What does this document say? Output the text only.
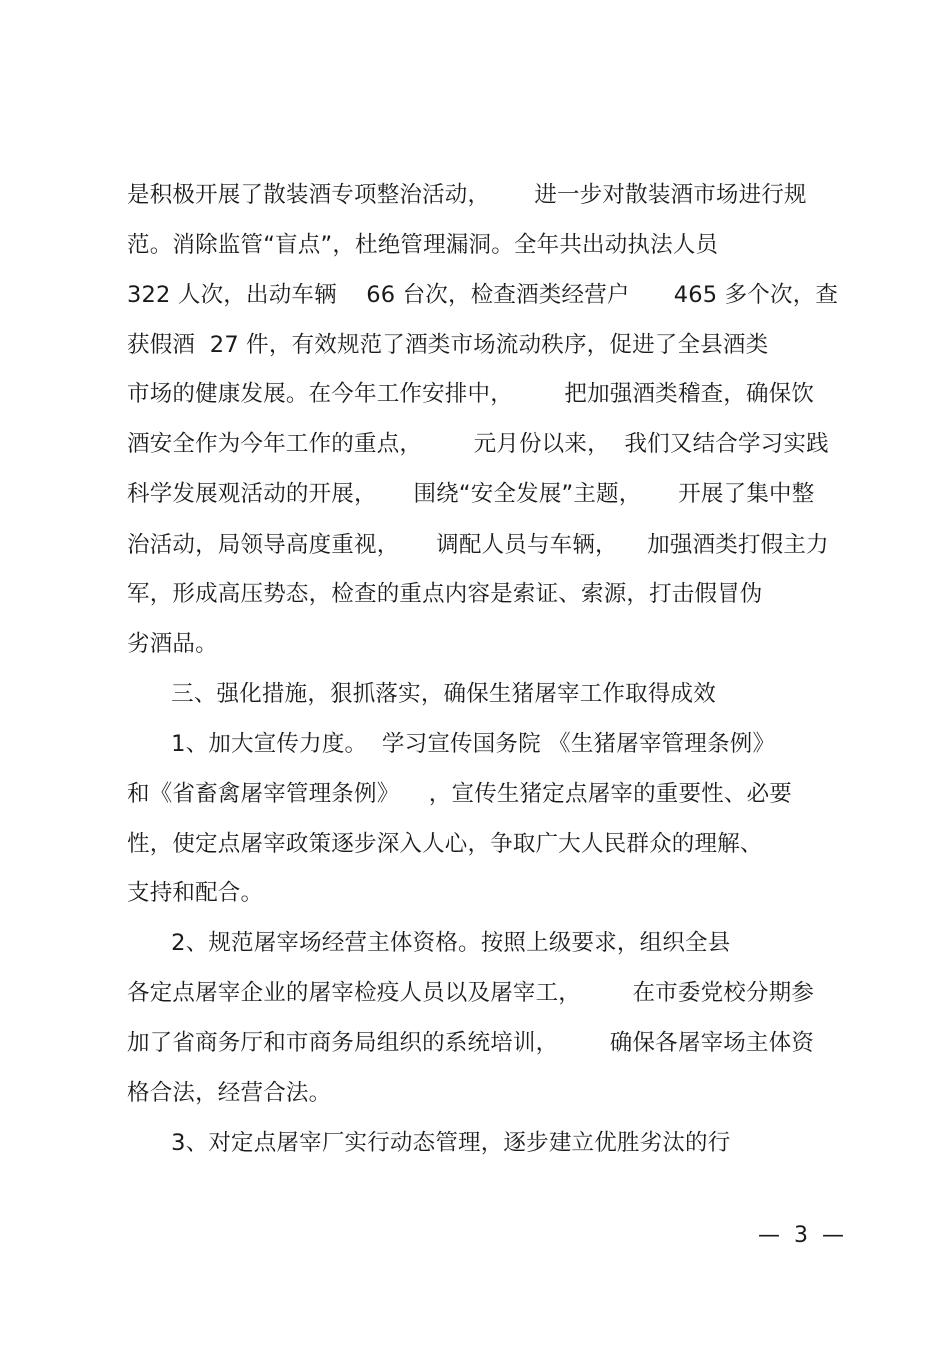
是积极开展了散装酒专项整治活动，      进一步对散装酒市场进行规

范。消除监管“盲点”，杜绝管理漏洞。全年共出动执法人员

322 人次，出动车辆    66 台次，检查酒类经营户      465 多个次，查

获假酒  27 件，有效规范了酒类市场流动秩序，促进了全县酒类

市场的健康发展。在今年工作安排中，       把加强酒类稽查，确保饮

酒安全作为今年工作的重点，       元月份以来，  我们又结合学习实践

科学发展观活动的开展，     围绕“安全发展”主题，     开展了集中整

治活动，局领导高度重视，     调配人员与车辆，    加强酒类打假主力

军，形成高压势态，检查的重点内容是索证、索源，打击假冒伪

劣酒品。

三、强化措施，狠抓落实，确保生猪屠宰工作取得成效

1、加大宣传力度。  学习宣传国务院 《生猪屠宰管理条例》

和《省畜禽屠宰管理条例》    ，宣传生猪定点屠宰的重要性、必要

性，使定点屠宰政策逐步深入人心，争取广大人民群众的理解、

支持和配合。

2、规范屠宰场经营主体资格。按照上级要求，组织全县

各定点屠宰企业的屠宰检疫人员以及屠宰工，       在市委党校分期参

加了省商务厅和市商务局组织的系统培训，       确保各屠宰场主体资

格合法，经营合法。

3、对定点屠宰厂实行动态管理，逐步建立优胜劣汰的行

—  3  —
